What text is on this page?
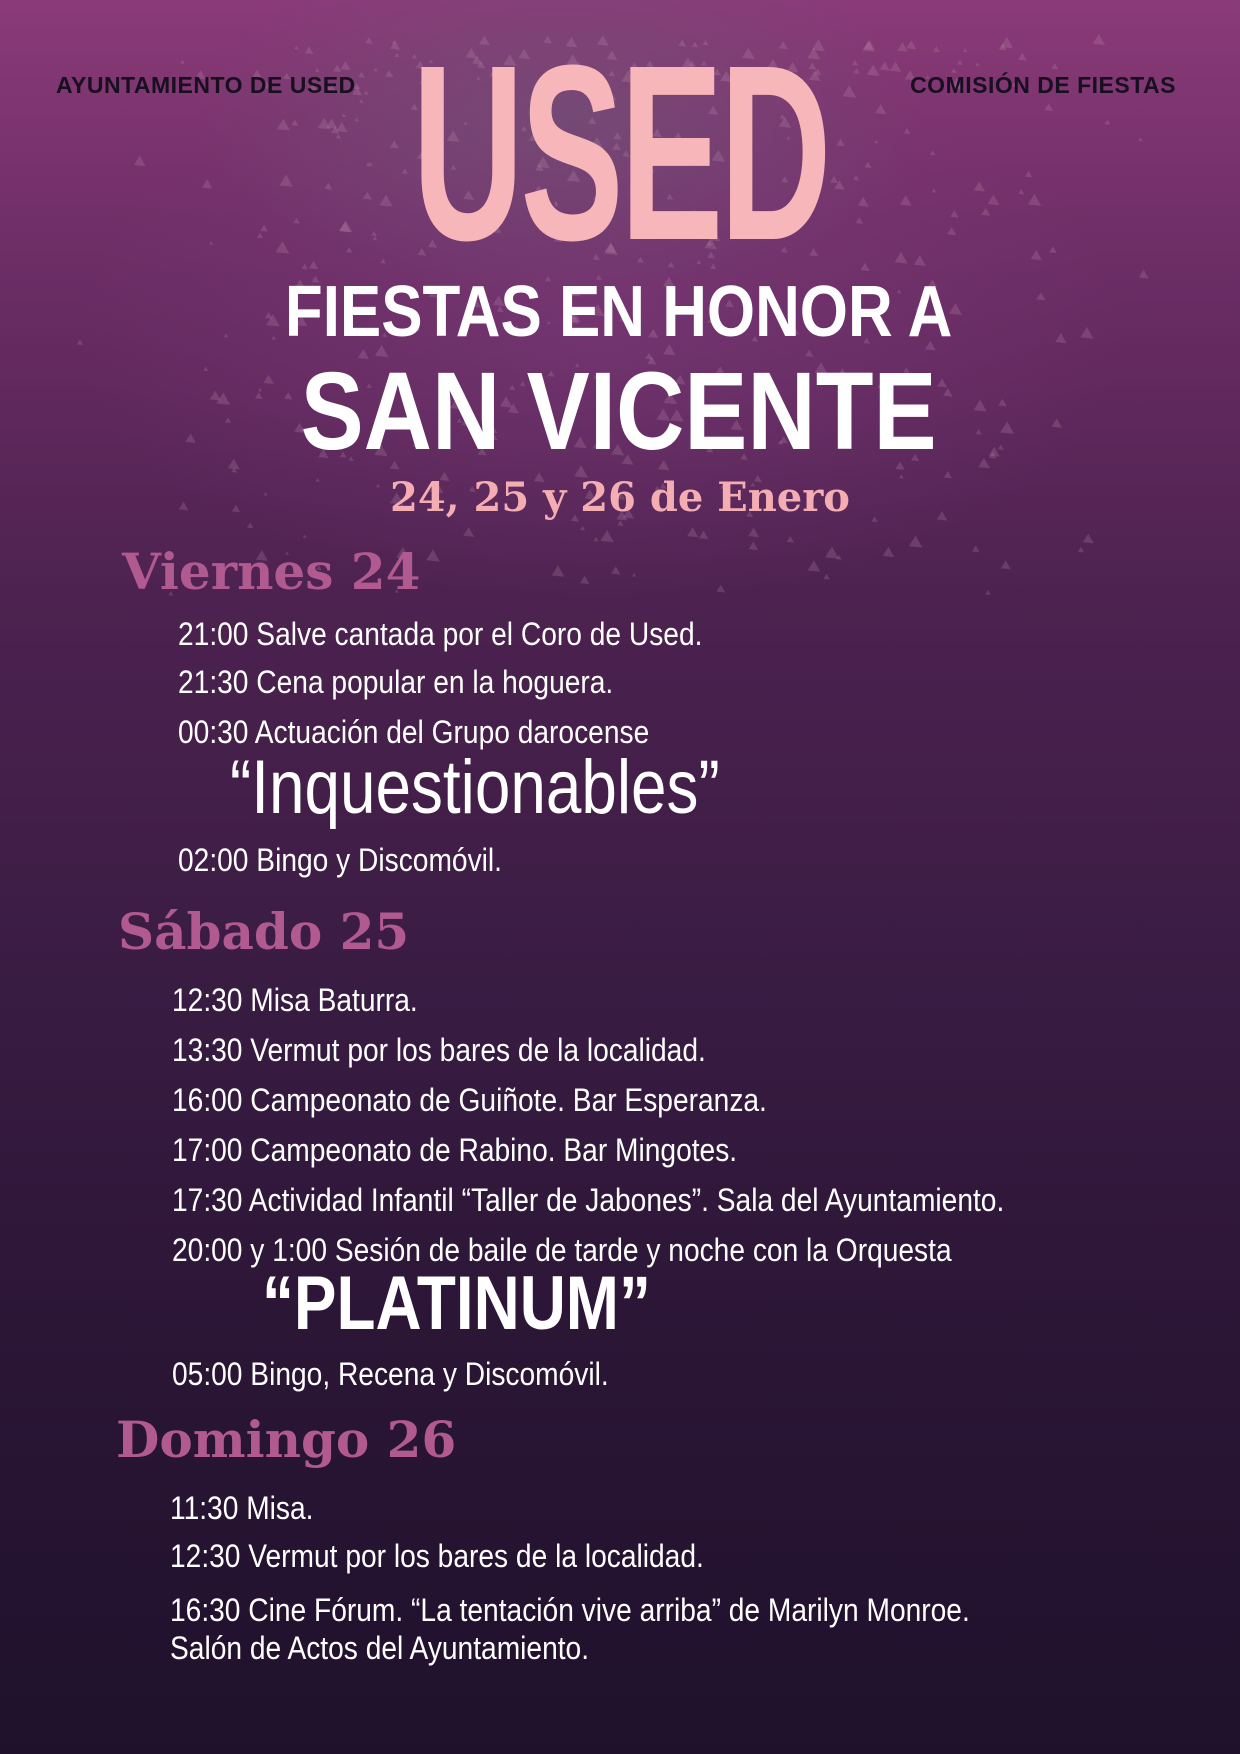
AYUNTAMIENTO DE USED	COMISIÓN DE FIESTAS
USED
FIESTAS EN HONOR A
SAN VICENTE
24, 25 y 26 de Enero
Viernes 24
21:00 Salve cantada por el Coro de Used.
21:30 Cena popular en la hoguera.
00:30 Actuación del Grupo darocense
“Inquestionables”
02:00 Bingo y Discomóvil.
Sábado 25
12:30 Misa Baturra.
13:30 Vermut por los bares de la localidad.
16:00 Campeonato de Guiñote. Bar Esperanza.
17:00 Campeonato de Rabino. Bar Mingotes.
17:30 Actividad Infantil “Taller de Jabones”. Sala del Ayuntamiento.
20:00 y 1:00 Sesión de baile de tarde y noche con la Orquesta
“PLATINUM”
05:00 Bingo, Recena y Discomóvil.
Domingo 26
11:30 Misa.
12:30 Vermut por los bares de la localidad.
16:30 Cine Fórum. “La tentación vive arriba” de Marilyn Monroe.
Salón de Actos del Ayuntamiento.
